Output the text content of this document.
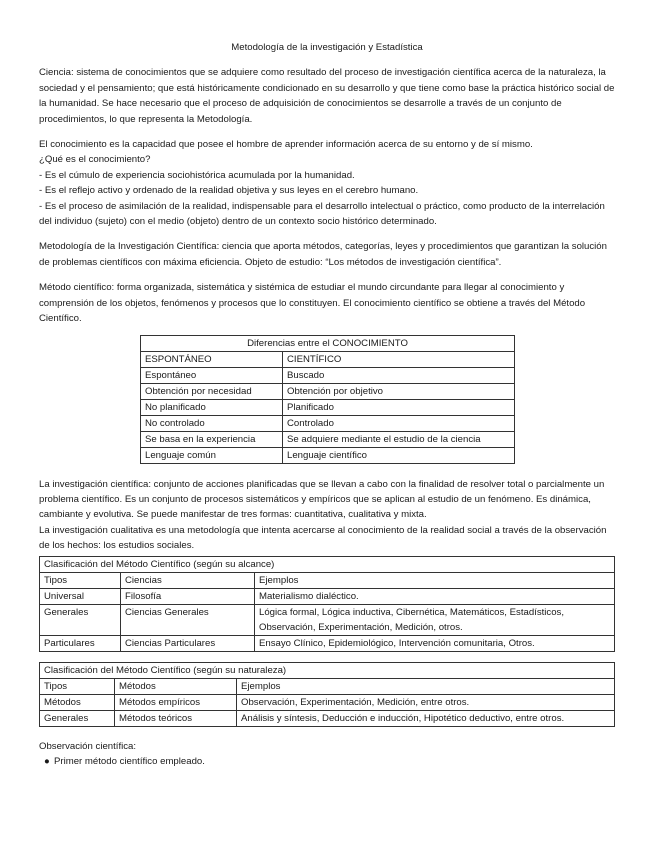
Metodología de la investigación y Estadística

Ciencia: sistema de conocimientos que se adquiere como resultado del proceso de investigación científica acerca de la naturaleza, la sociedad y el pensamiento; que está históricamente condicionado en su desarrollo y que tiene como base la práctica histórico social de la humanidad. Se hace necesario que el proceso de adquisición de conocimientos se desarrolle a través de un conjunto de procedimientos, lo que representa la Metodología.

El conocimiento es la capacidad que posee el hombre de aprender información acerca de su entorno y de sí mismo.
¿Qué es el conocimiento?
- Es el cúmulo de experiencia sociohistórica acumulada por la humanidad.
- Es el reflejo activo y ordenado de la realidad objetiva y sus leyes en el cerebro humano.
- Es el proceso de asimilación de la realidad, indispensable para el desarrollo intelectual o práctico, como producto de la interrelación del individuo (sujeto) con el medio (objeto) dentro de un contexto socio histórico determinado.

Metodología de la Investigación Científica: ciencia que aporta métodos, categorías, leyes y procedimientos que garantizan la solución de problemas científicos con máxima eficiencia. Objeto de estudio: “Los métodos de investigación científica”.

Método científico: forma organizada, sistemática y sistémica de estudiar el mundo circundante para llegar al conocimiento y comprensión de los objetos, fenómenos y procesos que lo constituyen. El conocimiento científico se obtiene a través del Método Científico.

Diferencias entre el CONOCIMIENTO	
ESPONTÁNEO	CIENTÍFICO
Espontáneo	Buscado
Obtención por necesidad	Obtención por objetivo
No planificado	Planificado
No controlado	Controlado
Se basa en la experiencia	Se adquiere mediante el estudio de la ciencia
Lenguaje común	Lenguaje científico
La investigación científica: conjunto de acciones planificadas que se llevan a cabo con la finalidad de resolver total o parcialmente un problema científico. Es un conjunto de procesos sistemáticos y empíricos que se aplican al estudio de un fenómeno. Es dinámica, cambiante y evolutiva. Se puede manifestar de tres formas: cuantitativa, cualitativa y mixta.
La investigación cualitativa es una metodología que intenta acercarse al conocimiento de la realidad social a través de la observación de los hechos: los estudios sociales.
Clasificación del Método Científico (según su alcance)		
Tipos	Ciencias	Ejemplos
Universal	Filosofía	Materialismo dialéctico.
Generales	Ciencias Generales	Lógica formal, Lógica inductiva, Cibernética, Matemáticos, Estadísticos, Observación, Experimentación, Medición, otros.
Particulares	Ciencias Particulares	Ensayo Clínico, Epidemiológico, Intervención comunitaria, Otros.
Clasificación del Método Científico (según su naturaleza)		
Tipos	Métodos	Ejemplos
Métodos	Métodos empíricos	Observación, Experimentación, Medición, entre otros.
Generales	Métodos teóricos	Análisis y síntesis, Deducción e inducción, Hipotético deductivo, entre otros.
Observación científica:
● Primer método científico empleado.
